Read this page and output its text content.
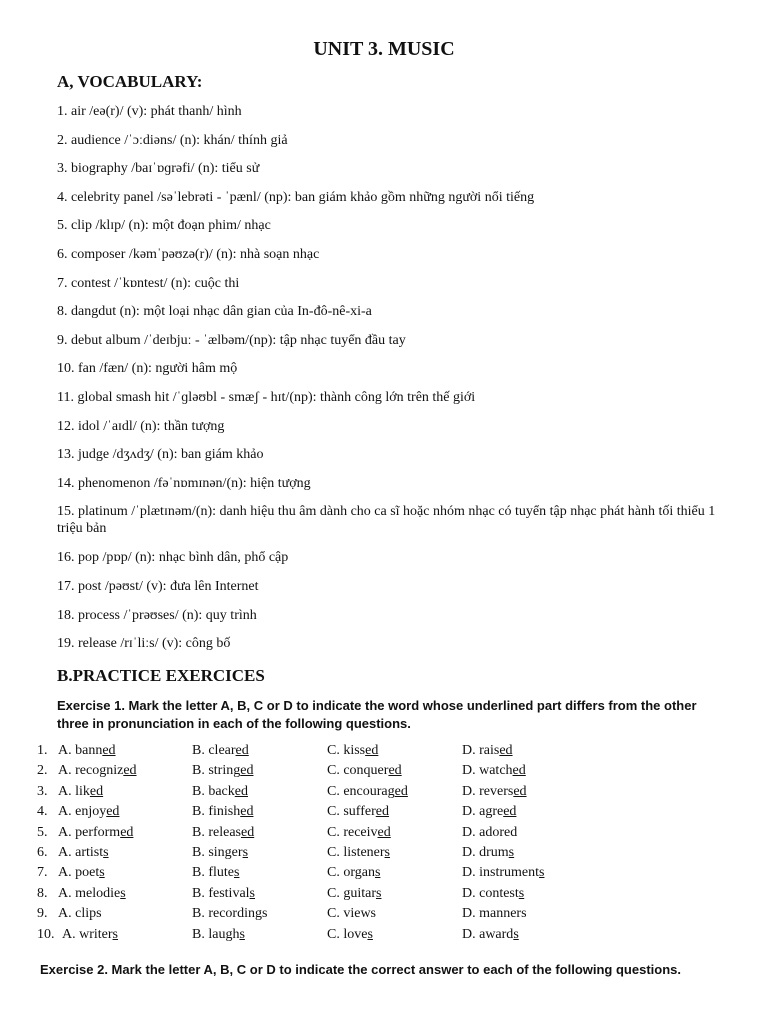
UNIT 3. MUSIC
A, VOCABULARY:
1. air /eə(r)/ (v): phát thanh/ hình
2. audience /ˈɔːdiəns/ (n): khán/ thính giả
3. biography /baɪˈɒɡrəfi/ (n): tiểu sử
4. celebrity panel /səˈlebrəti - ˈpænl/ (np): ban giám khảo gồm những người nổi tiếng
5. clip /klɪp/ (n): một đoạn phim/ nhạc
6. composer /kəmˈpəʊzə(r)/ (n): nhà soạn nhạc
7. contest /ˈkɒntest/ (n): cuộc thi
8. dangdut (n): một loại nhạc dân gian của In-đô-nê-xi-a
9. debut album /ˈdeɪbjuː - ˈælbəm/(np): tập nhạc tuyển đầu tay
10. fan /fæn/ (n): người hâm mộ
11. global smash hit /ˈɡləʊbl - smæʃ - hɪt/(np): thành công lớn trên thế giới
12. idol /ˈaɪdl/ (n): thần tượng
13. judge /dʒʌdʒ/ (n): ban giám khảo
14. phenomenon /fəˈnɒmɪnən/(n): hiện tượng
15. platinum /ˈplætɪnəm/(n): danh hiệu thu âm dành cho ca sĩ hoặc nhóm nhạc có tuyển tập nhạc phát hành tối thiểu 1 triệu bản
16. pop /pɒp/ (n): nhạc bình dân, phổ cập
17. post /pəʊst/ (v): đưa lên Internet
18. process /ˈprəʊses/ (n): quy trình
19. release /rɪˈliːs/ (v): công bố
B.PRACTICE EXERCICES
Exercise 1. Mark the letter A, B, C or D to indicate the word whose underlined part differs from the other three in pronunciation in each of the following questions.
1. A. banned	B. cleared	C. kissed	D. raised
2. A. recognized	B. stringed	C. conquered	D. watched
3. A. liked	B. backed	C. encouraged	D. reversed
4. A. enjoyed	B. finished	C. suffered	D. agreed
5. A. performed	B. released	C. received	D. adored
6. A. artists	B. singers	C. listeners	D. drums
7. A. poets	B. flutes	C. organs	D. instruments
8. A. melodies	B. festivals	C. guitars	D. contests
9. A. clips	B. recordings	C. views	D. manners
10. A. writers	B. laughs	C. loves	D. awards
Exercise 2. Mark the letter A, B, C or D to indicate the correct answer to each of the following questions.
